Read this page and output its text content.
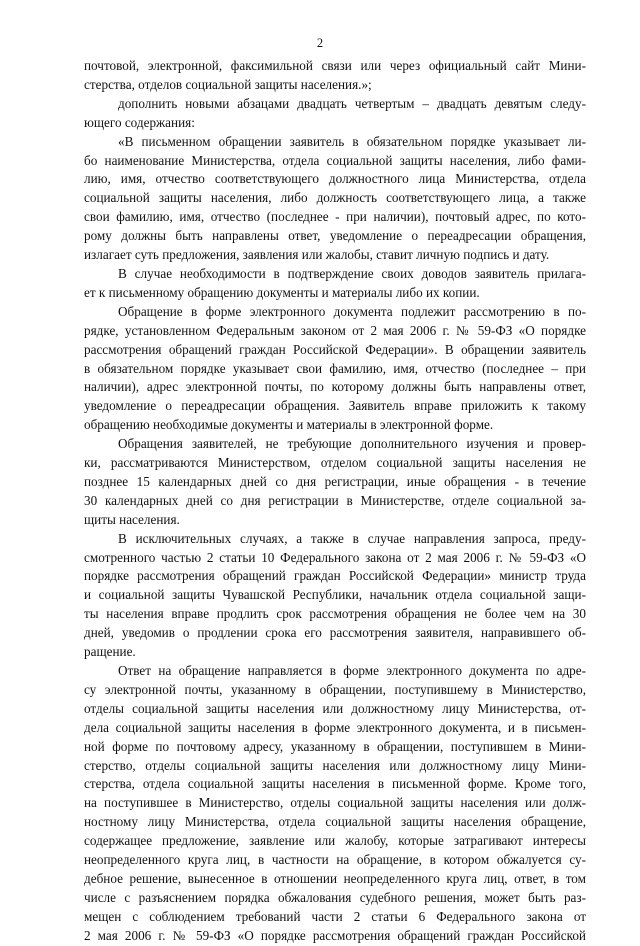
2
почтовой, электронной, факсимильной связи или через официальный сайт Мини-
стерства, отделов социальной защиты населения.»;
дополнить новыми абзацами двадцать четвертым – двадцать девятым следу-
ющего содержания:
«В письменном обращении заявитель в обязательном порядке указывает ли-
бо наименование Министерства, отдела социальной защиты населения, либо фами-
лию, имя, отчество соответствующего должностного лица Министерства, отдела
социальной защиты населения, либо должность соответствующего лица, а также
свои фамилию, имя, отчество (последнее - при наличии), почтовый адрес, по кото-
рому должны быть направлены ответ, уведомление о переадресации обращения,
излагает суть предложения, заявления или жалобы, ставит личную подпись и дату.
В случае необходимости в подтверждение своих доводов заявитель прилага-
ет к письменному обращению документы и материалы либо их копии.
Обращение в форме электронного документа подлежит рассмотрению в по-
рядке, установленном Федеральным законом от 2 мая 2006 г. № 59-ФЗ «О порядке
рассмотрения обращений граждан Российской Федерации». В обращении заявитель
в обязательном порядке указывает свои фамилию, имя, отчество (последнее – при
наличии), адрес электронной почты, по которому должны быть направлены ответ,
уведомление о переадресации обращения. Заявитель вправе приложить к такому
обращению необходимые документы и материалы в электронной форме.
Обращения заявителей, не требующие дополнительного изучения и провер-
ки, рассматриваются Министерством, отделом социальной защиты населения не
позднее 15 календарных дней со дня регистрации, иные обращения - в течение
30 календарных дней со дня регистрации в Министерстве, отделе социальной за-
щиты населения.
В исключительных случаях, а также в случае направления запроса, преду-
смотренного частью 2 статьи 10 Федерального закона от 2 мая 2006 г. № 59-ФЗ «О
порядке рассмотрения обращений граждан Российской Федерации» министр труда
и социальной защиты Чувашской Республики, начальник отдела социальной защи-
ты населения вправе продлить срок рассмотрения обращения не более чем на 30
дней, уведомив о продлении срока его рассмотрения заявителя, направившего об-
ращение.
Ответ на обращение направляется в форме электронного документа по адре-
су электронной почты, указанному в обращении, поступившему в Министерство,
отделы социальной защиты населения или должностному лицу Министерства, от-
дела социальной защиты населения в форме электронного документа, и в письмен-
ной форме по почтовому адресу, указанному в обращении, поступившем в Мини-
стерство, отделы социальной защиты населения или должностному лицу Мини-
стерства, отдела социальной защиты населения в письменной форме. Кроме того,
на поступившее в Министерство, отделы социальной защиты населения или долж-
ностному лицу Министерства, отдела социальной защиты населения обращение,
содержащее предложение, заявление или жалобу, которые затрагивают интересы
неопределенного круга лиц, в частности на обращение, в котором обжалуется су-
дебное решение, вынесенное в отношении неопределенного круга лиц, ответ, в том
числе с разъяснением порядка обжалования судебного решения, может быть раз-
мещен с соблюдением требований части 2 статьи 6 Федерального закона от
2 мая 2006 г. № 59-ФЗ «О порядке рассмотрения обращений граждан Российской
